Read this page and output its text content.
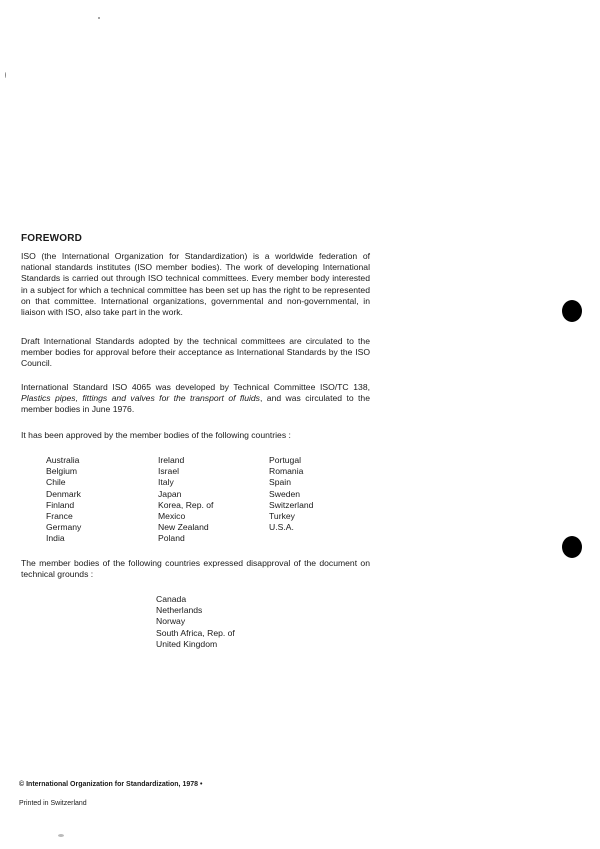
FOREWORD

ISO (the International Organization for Standardization) is a worldwide federation of national standards institutes (ISO member bodies). The work of developing International Standards is carried out through ISO technical committees. Every member body interested in a subject for which a technical committee has been set up has the right to be represented on that committee. International organizations, governmental and non-governmental, in liaison with ISO, also take part in the work.

Draft International Standards adopted by the technical committees are circulated to the member bodies for approval before their acceptance as International Standards by the ISO Council.

International Standard ISO 4065 was developed by Technical Committee ISO/TC 138, Plastics pipes, fittings and valves for the transport of fluids, and was circulated to the member bodies in June 1976.

It has been approved by the member bodies of the following countries :

Australia
Belgium
Chile
Denmark
Finland
France
Germany
India
Ireland
Israel
Italy
Japan
Korea, Rep. of
Mexico
New Zealand
Poland
Portugal
Romania
Spain
Sweden
Switzerland
Turkey
U.S.A.

The member bodies of the following countries expressed disapproval of the document on technical grounds :

Canada
Netherlands
Norway
South Africa, Rep. of
United Kingdom
© International Organization for Standardization, 1978 •
Printed in Switzerland
